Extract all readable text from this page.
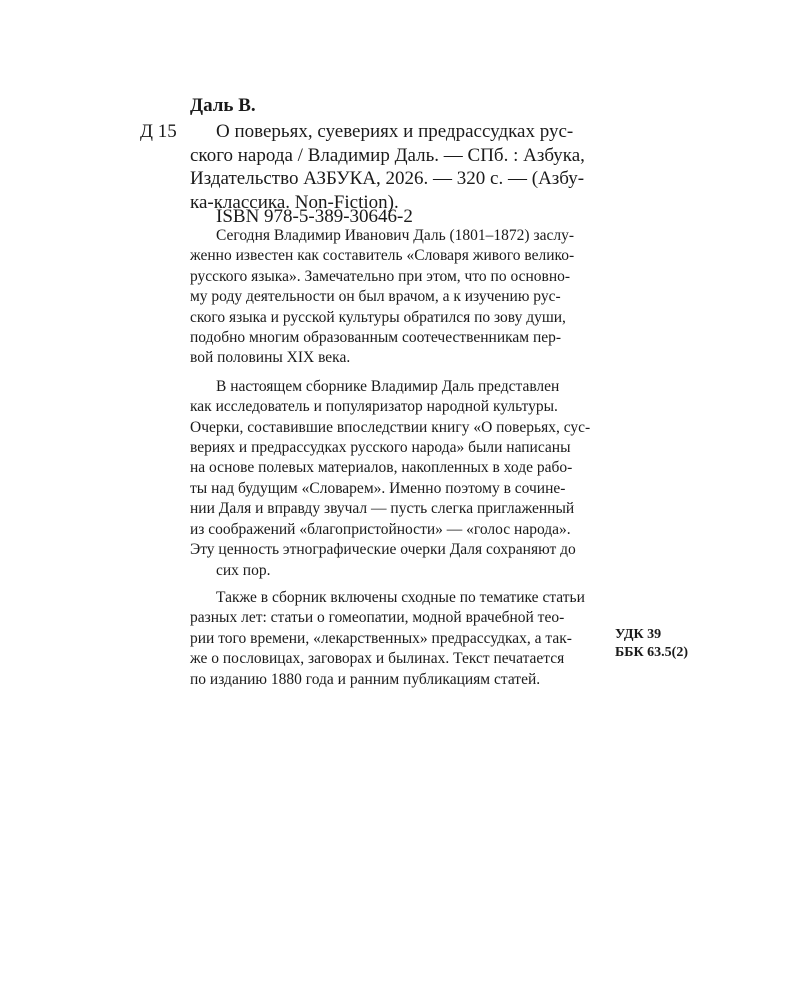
Даль В.
Д 15	О поверьях, суевериях и предрассудках рус-
ского народа / Владимир Даль. — СПб. : Азбука,
Издательство АЗБУКА, 2026. — 320 с. — (Азбу-
ка-классика. Non-Fiction).
ISBN 978-5-389-30646-2
Сегодня Владимир Иванович Даль (1801–1872) заслу-
женно известен как составитель «Словаря живого велико-
русского языка». Замечательно при этом, что по основно-
му роду деятельности он был врачом, а к изучению рус-
ского языка и русской культуры обратился по зову души,
подобно многим образованным соотечественникам пер-
вой половины XIX века.
В настоящем сборнике Владимир Даль представлен
как исследователь и популяризатор народной культуры.
Очерки, составившие впоследствии книгу «О поверьях, сус-
вериях и предрассудках русского народа» были написаны
на основе полевых материалов, накопленных в ходе рабо-
ты над будущим «Словарем». Именно поэтому в сочине-
нии Даля и вправду звучал — пусть слегка приглаженный
из соображений «благопристойности» — «голос народа».
Эту ценность этнографические очерки Даля сохраняют до
сих пор.
Также в сборник включены сходные по тематике статьи
разных лет: статьи о гомеопатии, модной врачебной тео-
рии того времени, «лекарственных» предрассудках, а так-
же о пословицах, заговорах и былинах. Текст печатается
по изданию 1880 года и ранним публикациям статей.
УДК 39
ББК 63.5(2)
